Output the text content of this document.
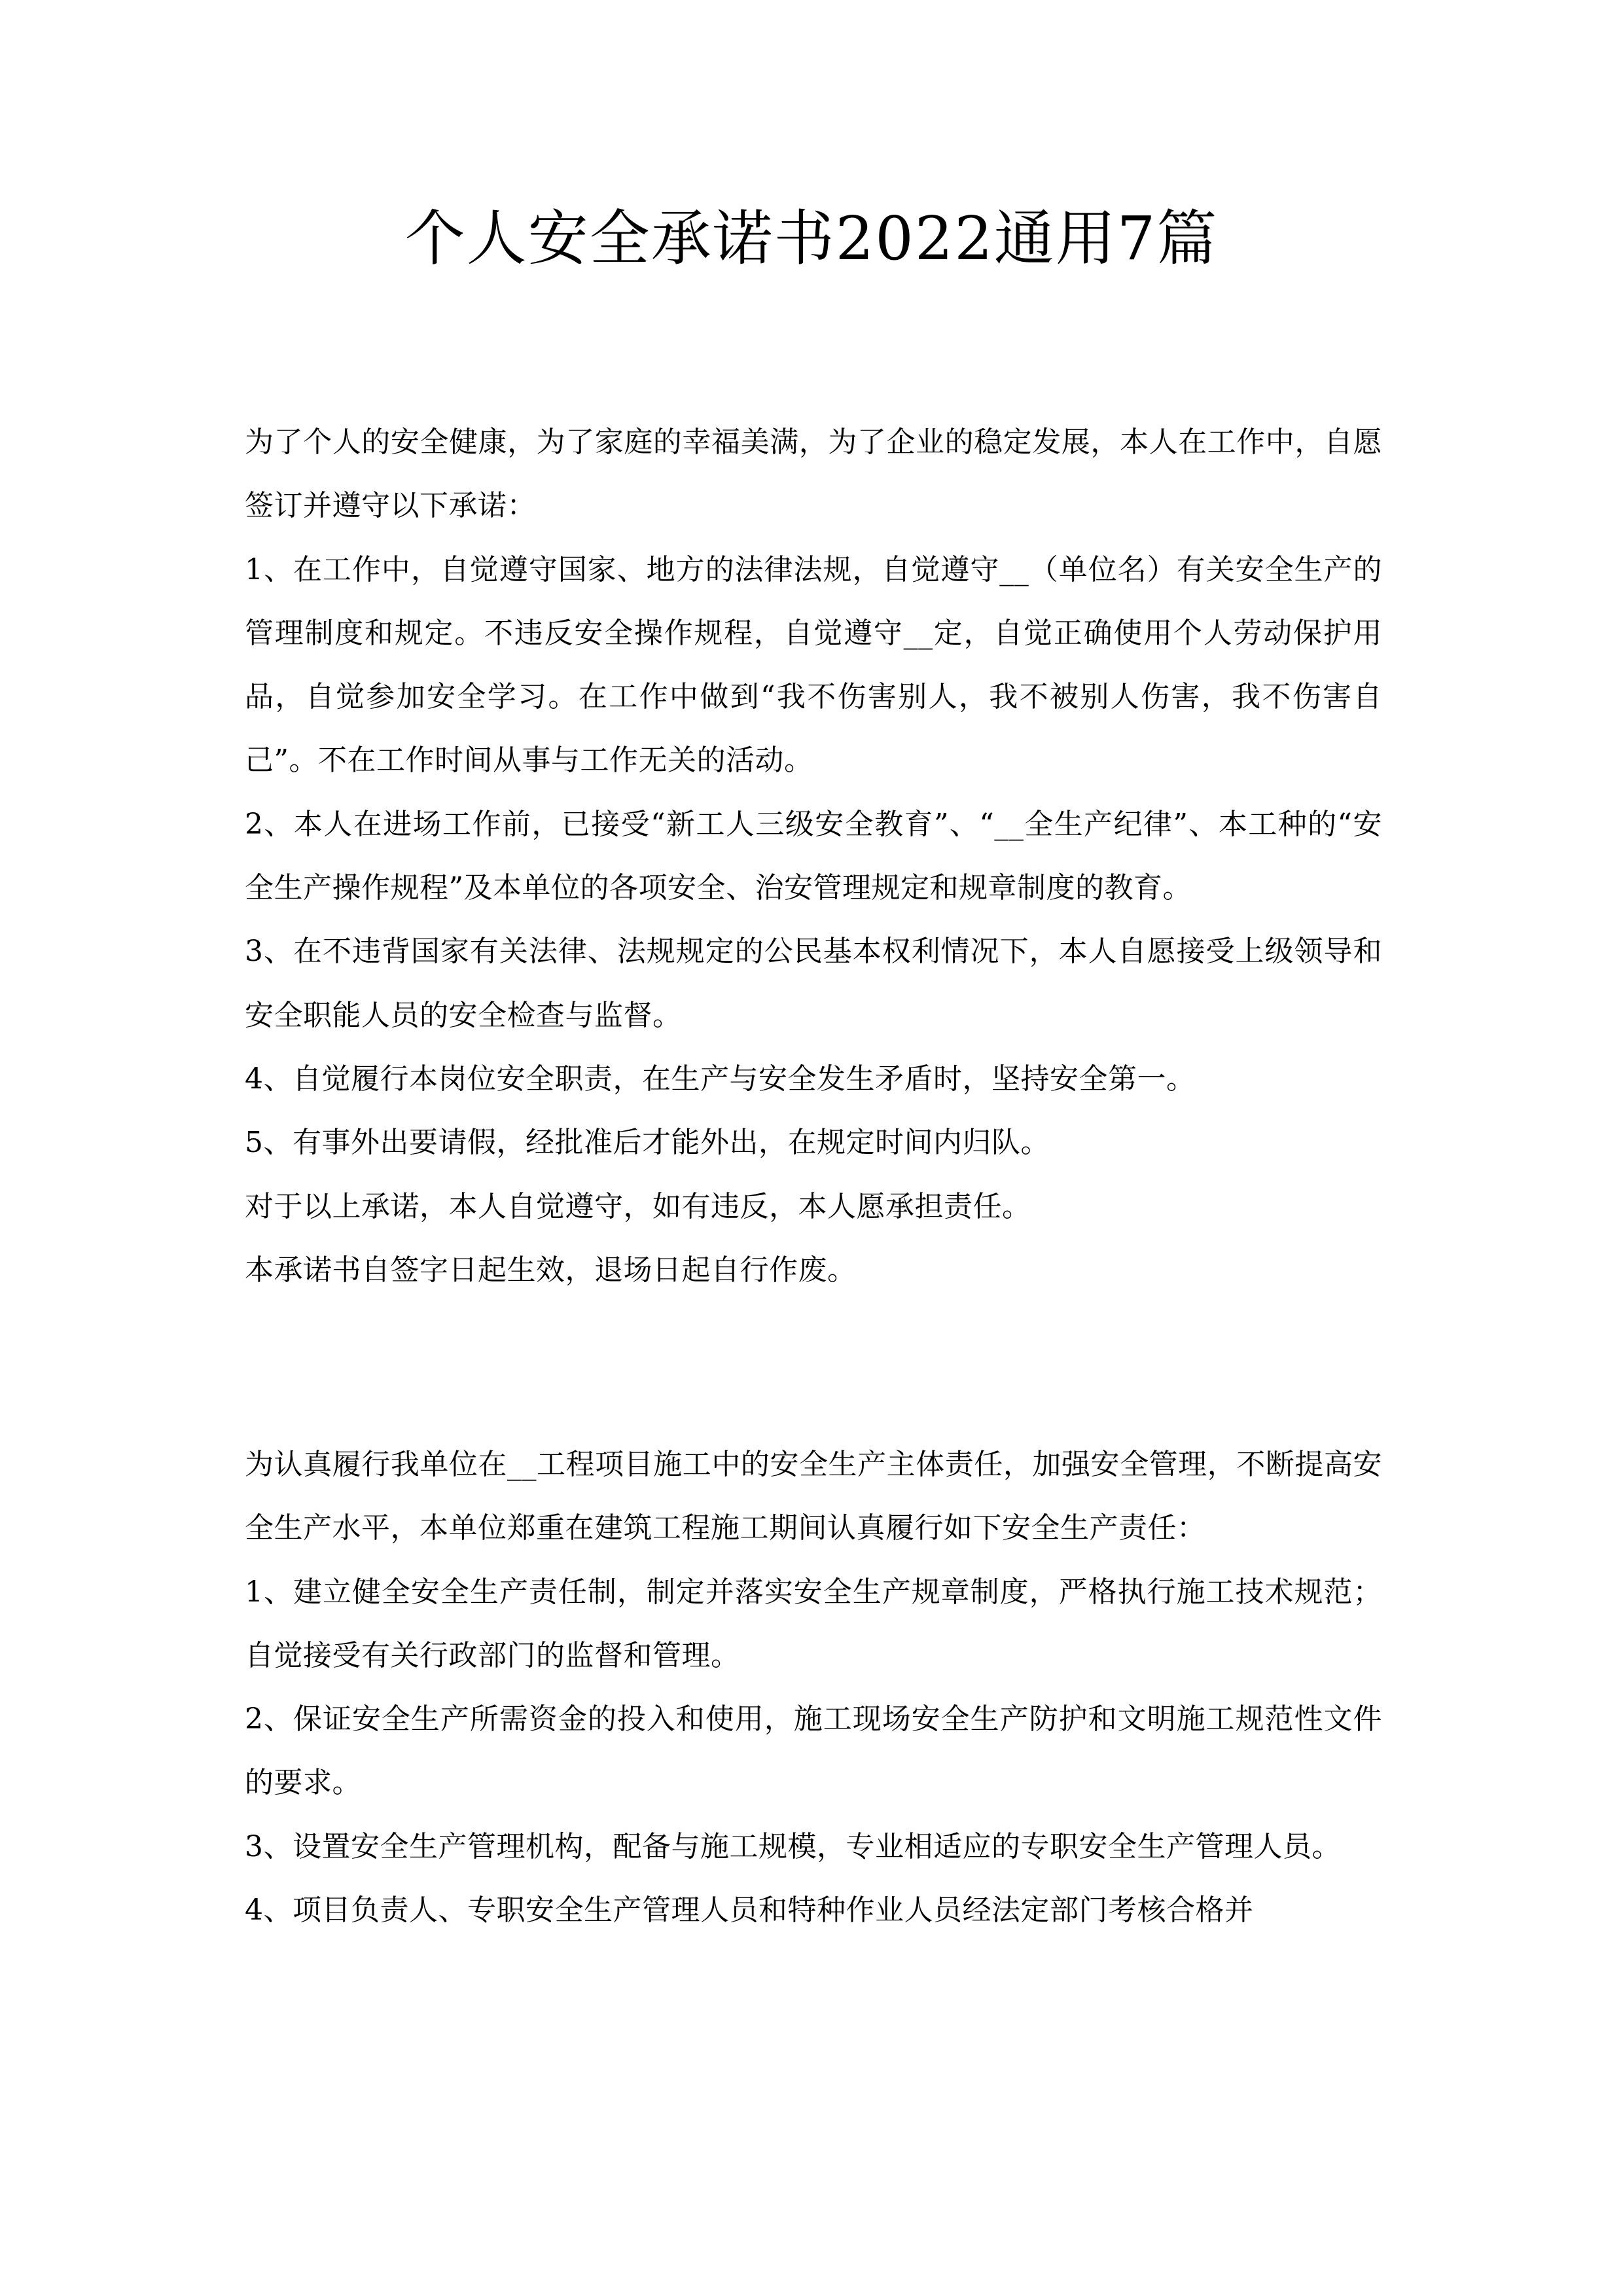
个人安全承诺书2022通用7篇

为了个人的安全健康，为了家庭的幸福美满，为了企业的稳定发展，本人在工作中，自愿签订并遵守以下承诺：

1、在工作中，自觉遵守国家、地方的法律法规，自觉遵守__（单位名）有关安全生产的管理制度和规定。不违反安全操作规程，自觉遵守__定，自觉正确使用个人劳动保护用品，自觉参加安全学习。在工作中做到“我不伤害别人，我不被别人伤害，我不伤害自己”。不在工作时间从事与工作无关的活动。

2、本人在进场工作前，已接受“新工人三级安全教育”、“__全生产纪律”、本工种的“安全生产操作规程”及本单位的各项安全、治安管理规定和规章制度的教育。

3、在不违背国家有关法律、法规规定的公民基本权利情况下，本人自愿接受上级领导和安全职能人员的安全检查与监督。

4、自觉履行本岗位安全职责，在生产与安全发生矛盾时，坚持安全第一。

5、有事外出要请假，经批准后才能外出，在规定时间内归队。

对于以上承诺，本人自觉遵守，如有违反，本人愿承担责任。

本承诺书自签字日起生效，退场日起自行作废。

为认真履行我单位在__工程项目施工中的安全生产主体责任，加强安全管理，不断提高安全生产水平，本单位郑重在建筑工程施工期间认真履行如下安全生产责任：

1、建立健全安全生产责任制，制定并落实安全生产规章制度，严格执行施工技术规范；自觉接受有关行政部门的监督和管理。

2、保证安全生产所需资金的投入和使用，施工现场安全生产防护和文明施工规范性文件的要求。

3、设置安全生产管理机构，配备与施工规模，专业相适应的专职安全生产管理人员。

4、项目负责人、专职安全生产管理人员和特种作业人员经法定部门考核合格并
